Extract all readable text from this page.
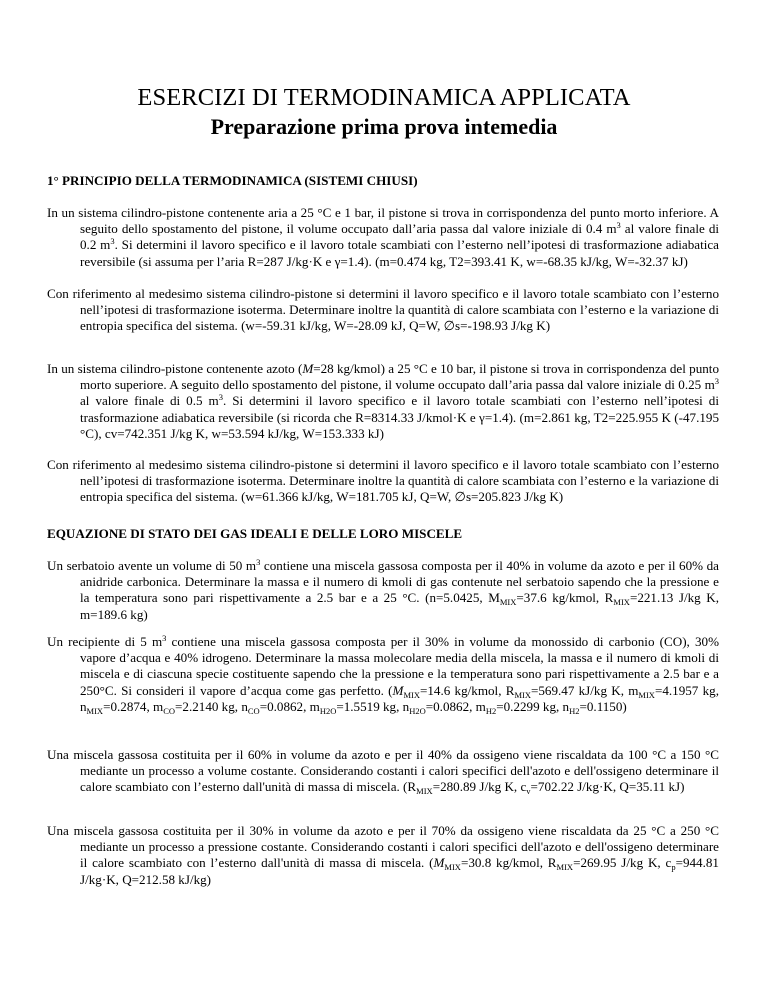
ESERCIZI DI TERMODINAMICA APPLICATA
Preparazione prima prova intemedia
1° PRINCIPIO DELLA TERMODINAMICA (SISTEMI CHIUSI)
In un sistema cilindro-pistone contenente aria a 25 °C e 1 bar, il pistone si trova in corrispondenza del punto morto inferiore. A seguito dello spostamento del pistone, il volume occupato dall’aria passa dal valore iniziale di 0.4 $m^3$ al valore finale di 0.2 $m^3$. Si determini il lavoro specifico e il lavoro totale scambiati con l’esterno nell’ipotesi di trasformazione adiabatica reversibile (si assuma per l’aria R=287 J/kg·K e γ=1.4). (m=0.474 kg, T2=393.41 K, w=-68.35 kJ/kg, W=-32.37 kJ)
Con riferimento al medesimo sistema cilindro-pistone si determini il lavoro specifico e il lavoro totale scambiato con l’esterno nell’ipotesi di trasformazione isoterma. Determinare inoltre la quantità di calore scambiata con l’esterno e la variazione di entropia specifica del sistema. (w=-59.31 kJ/kg, W=-28.09 kJ, Q=W, ∅s=-198.93 J/kg K)
In un sistema cilindro-pistone contenente azoto (M=28 kg/kmol) a 25 °C e 10 bar, il pistone si trova in corrispondenza del punto morto superiore. A seguito dello spostamento del pistone, il volume occupato dall’aria passa dal valore iniziale di 0.25 $m^3$ al valore finale di 0.5 $m^3$. Si determini il lavoro specifico e il lavoro totale scambiati con l’esterno nell’ipotesi di trasformazione adiabatica reversibile (si ricorda che R=8314.33 J/kmol·K e γ=1.4). (m=2.861 kg, T2=225.955 K (-47.195 °C), cv=742.351 J/kg K, w=53.594 kJ/kg, W=153.333 kJ)
Con riferimento al medesimo sistema cilindro-pistone si determini il lavoro specifico e il lavoro totale scambiato con l’esterno nell’ipotesi di trasformazione isoterma. Determinare inoltre la quantità di calore scambiata con l’esterno e la variazione di entropia specifica del sistema. (w=61.366 kJ/kg, W=181.705 kJ, Q=W, ∅s=205.823 J/kg K)
EQUAZIONE DI STATO DEI GAS IDEALI E DELLE LORO MISCELE
Un serbatoio avente un volume di 50 $m^3$ contiene una miscela gassosa composta per il 40% in volume da azoto e per il 60% da anidride carbonica. Determinare la massa e il numero di kmoli di gas contenute nel serbatoio sapendo che la pressione e la temperatura sono pari rispettivamente a 2.5 bar e a 25 °C. (n=5.0425, $M_{MIX}=37.6$ kg/kmol, $R_{MIX}=221.13$ J/kg K, m=189.6 kg)
Un recipiente di 5 $m^3$ contiene una miscela gassosa composta per il 30% in volume da monossido di carbonio (CO), 30% vapore d’acqua e 40% idrogeno. Determinare la massa molecolare media della miscela, la massa e il numero di kmoli di miscela e di ciascuna specie costituente sapendo che la pressione e la temperatura sono pari rispettivamente a 2.5 bar e a 250°C. Si consideri il vapore d’acqua come gas perfetto. ($M_{MIX}=14.6$ kg/kmol, $R_{MIX}=569.47$ kJ/kg K, $m_{MIX}=4.1957$ kg, $n_{MIX}=0.2874$, $m_{CO}=2.2140$ kg, $n_{CO}=0.0862$, $m_{H2O}=1.5519$ kg, $n_{H2O}=0.0862$, $m_{H2}=0.2299$ kg, $n_{H2}=0.1150$)
Una miscela gassosa costituita per il 60% in volume da azoto e per il 40% da ossigeno viene riscaldata da 100 °C a 150 °C mediante un processo a volume costante. Considerando costanti i calori specifici dell'azoto e dell'ossigeno determinare il calore scambiato con l’esterno dall'unità di massa di miscela. ($R_{MIX}=280.89$ J/kg K, $c_v=702.22$ J/kg·K, Q=35.11 kJ)
Una miscela gassosa costituita per il 30% in volume da azoto e per il 70% da ossigeno viene riscaldata da 25 °C a 250 °C mediante un processo a pressione costante. Considerando costanti i calori specifici dell'azoto e dell'ossigeno determinare il calore scambiato con l’esterno dall'unità di massa di miscela. ($M_{MIX}=30.8$ kg/kmol, $R_{MIX}=269.95$ J/kg K, $c_p=944.81$ J/kg·K, Q=212.58 kJ/kg)
